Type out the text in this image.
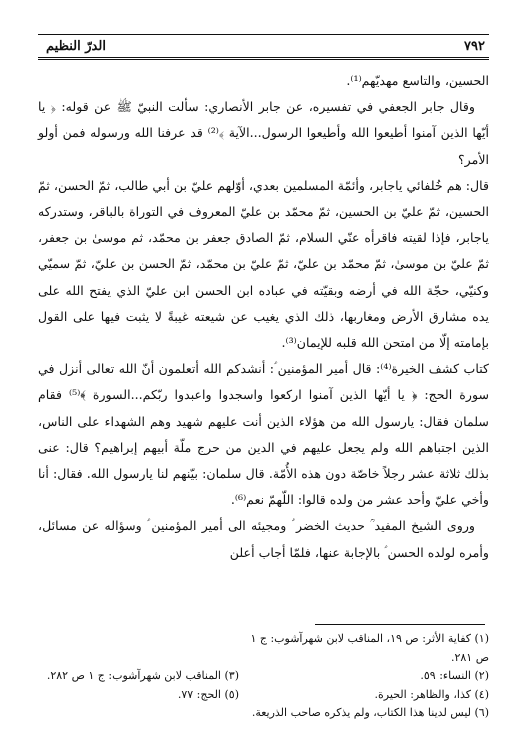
٧٩٢
الدرّ النظيم

الحسين، والتاسع مهديّهم⁽¹⁾.

وقال جابر الجعفي في تفسيره، عن جابر الأنصاري: سألت النبيّ ﷺ عن قوله: ﴿ يا أيّها الذين آمنوا أطيعوا الله وأطيعوا الرسول...الآية ﴾⁽²⁾ قد عرفنا الله ورسوله فمن أولو الأمر؟

قال: هم خُلفائي ياجابر، وأئمّة المسلمين بعدي، أوّلهم عليّ بن أبي طالب، ثمّ الحسن، ثمّ الحسين، ثمّ عليّ بن الحسين، ثمّ محمّد بن عليّ المعروف في التوراة بالباقر، وستدركه ياجابر، فإذا لقيته فاقرأه عنّي السلام، ثمّ الصادق جعفر بن محمّد، ثم موسىٰ بن جعفر، ثمّ عليّ بن موسىٰ، ثمّ محمّد بن عليّ، ثمّ عليّ بن محمّد، ثمّ الحسن بن عليّ، ثمّ سميّي وكنيّي، حجّة الله في أرضه وبقيّته في عباده ابن الحسن ابن عليّ الذي يفتح الله على يده مشارق الأرض ومغاربها، ذلك الذي يغيب عن شيعته غيبةً لا يثبت فيها على القول بإمامته إلّا من امتحن الله قلبه للإيمان⁽³⁾.

كتاب كشف الخيرة⁽⁴⁾: قال أمير المؤمنين ؑ: أنشدكم الله أتعلمون أنّ الله تعالى أنزل في سورة الحج: ﴿ يا أيّها الذين آمنوا اركعوا واسجدوا واعبدوا ربّكم...السورة ﴾⁽⁵⁾ فقام سلمان فقال: يارسول الله من هؤلاء الذين أنت عليهم شهيد وهم الشهداء على الناس، الذين اجتباهم الله ولم يجعل عليهم في الدين من حرج ملّة أبيهم إبراهيم؟ قال: عنى بذلك ثلاثة عشر رجلاً خاصّة دون هذه الأُمّة. قال سلمان: بيّنهم لنا يارسول الله. فقال: أنا وأخي عليّ وأحد عشر من ولده قالوا: اللّهمّ نعم⁽⁶⁾.

وروى الشيخ المفيد ؒ حديث الخضر ؑ ومجيئه الى أمير المؤمنين ؑ وسؤاله عن مسائل، وأمره لولده الحسن ؑ بالإجابة عنها، فلمّا أجاب أعلن

(١) كفاية الأثر: ص ١٩، المناقب لابن شهرآشوب: ج ١ ص ٢٨١.
(٢) النساء: ٥٩.
(٣) المناقب لابن شهرآشوب: ج ١ ص ٢٨٢.
(٤) كذا، والظاهر: الحيرة.
(٥) الحج: ٧٧.
(٦) ليس لدينا هذا الكتاب، ولم يذكره صاحب الذريعة.
